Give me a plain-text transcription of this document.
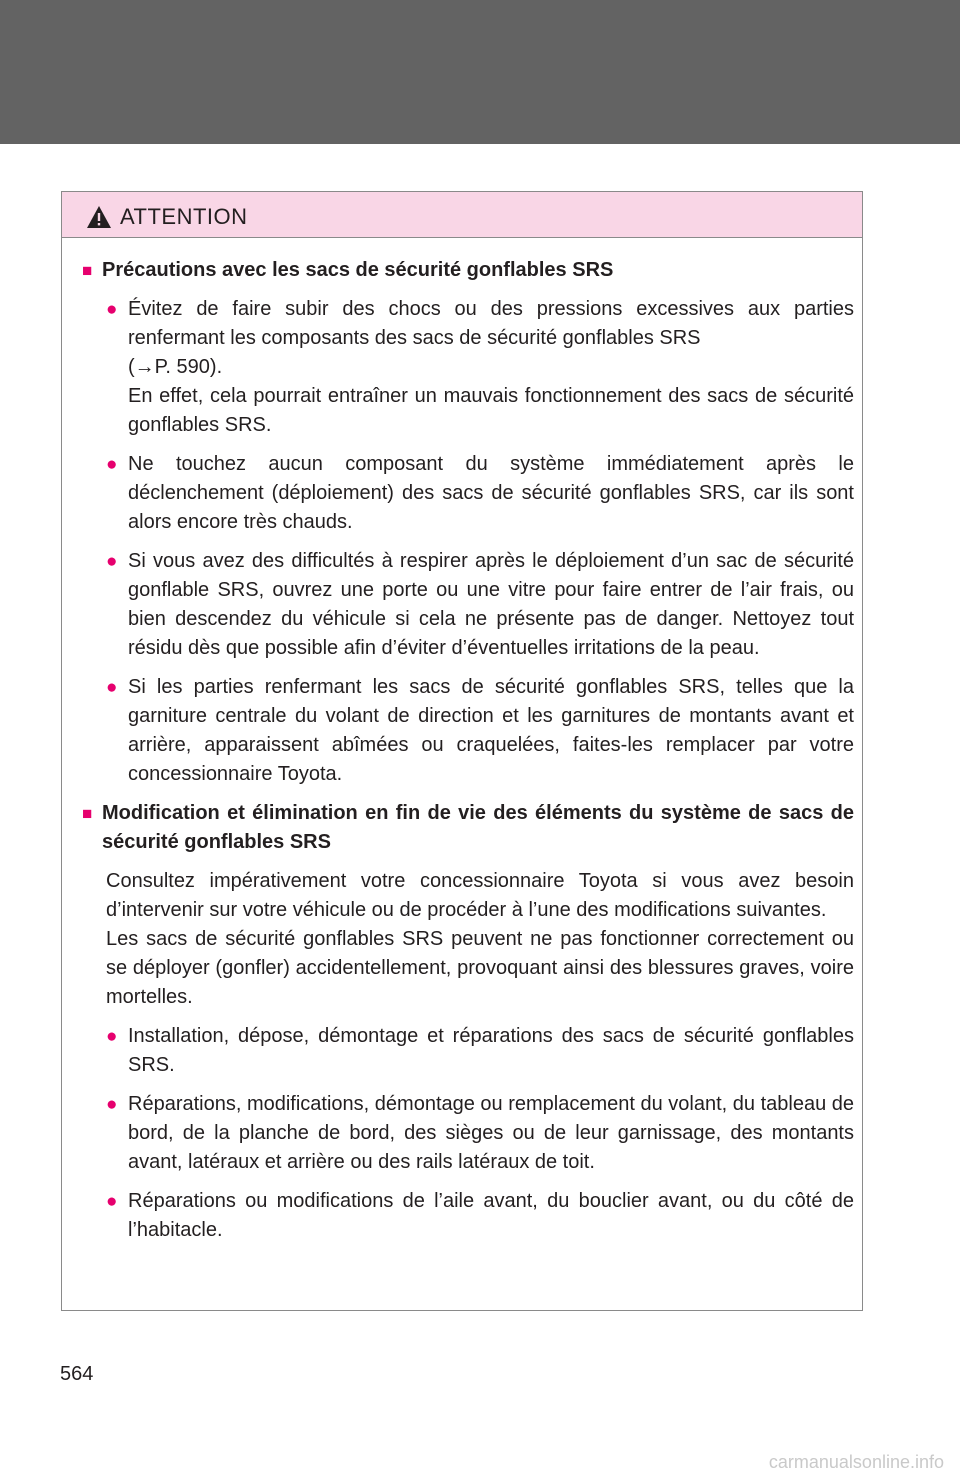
ATTENTION
■ Précautions avec les sacs de sécurité gonflables SRS
● Évitez de faire subir des chocs ou des pressions excessives aux parties renfermant les composants des sacs de sécurité gonflables SRS
(→P. 590).
En effet, cela pourrait entraîner un mauvais fonctionnement des sacs de sécurité gonflables SRS.
● Ne touchez aucun composant du système immédiatement après le déclenchement (déploiement) des sacs de sécurité gonflables SRS, car ils sont alors encore très chauds.
● Si vous avez des difficultés à respirer après le déploiement d’un sac de sécurité gonflable SRS, ouvrez une porte ou une vitre pour faire entrer de l’air frais, ou bien descendez du véhicule si cela ne présente pas de danger. Nettoyez tout résidu dès que possible afin d’éviter d’éventuelles irritations de la peau.
● Si les parties renfermant les sacs de sécurité gonflables SRS, telles que la garniture centrale du volant de direction et les garnitures de montants avant et arrière, apparaissent abîmées ou craquelées, faites-les remplacer par votre concessionnaire Toyota.
■ Modification et élimination en fin de vie des éléments du système de sacs de sécurité gonflables SRS
Consultez impérativement votre concessionnaire Toyota si vous avez besoin d’intervenir sur votre véhicule ou de procéder à l’une des modifications suivantes.
Les sacs de sécurité gonflables SRS peuvent ne pas fonctionner correctement ou se déployer (gonfler) accidentellement, provoquant ainsi des blessures graves, voire mortelles.
● Installation, dépose, démontage et réparations des sacs de sécurité gonflables SRS.
● Réparations, modifications, démontage ou remplacement du volant, du tableau de bord, de la planche de bord, des sièges ou de leur garnissage, des montants avant, latéraux et arrière ou des rails latéraux de toit.
● Réparations ou modifications de l’aile avant, du bouclier avant, ou du côté de l’habitacle.
564
carmanualsonline.info
